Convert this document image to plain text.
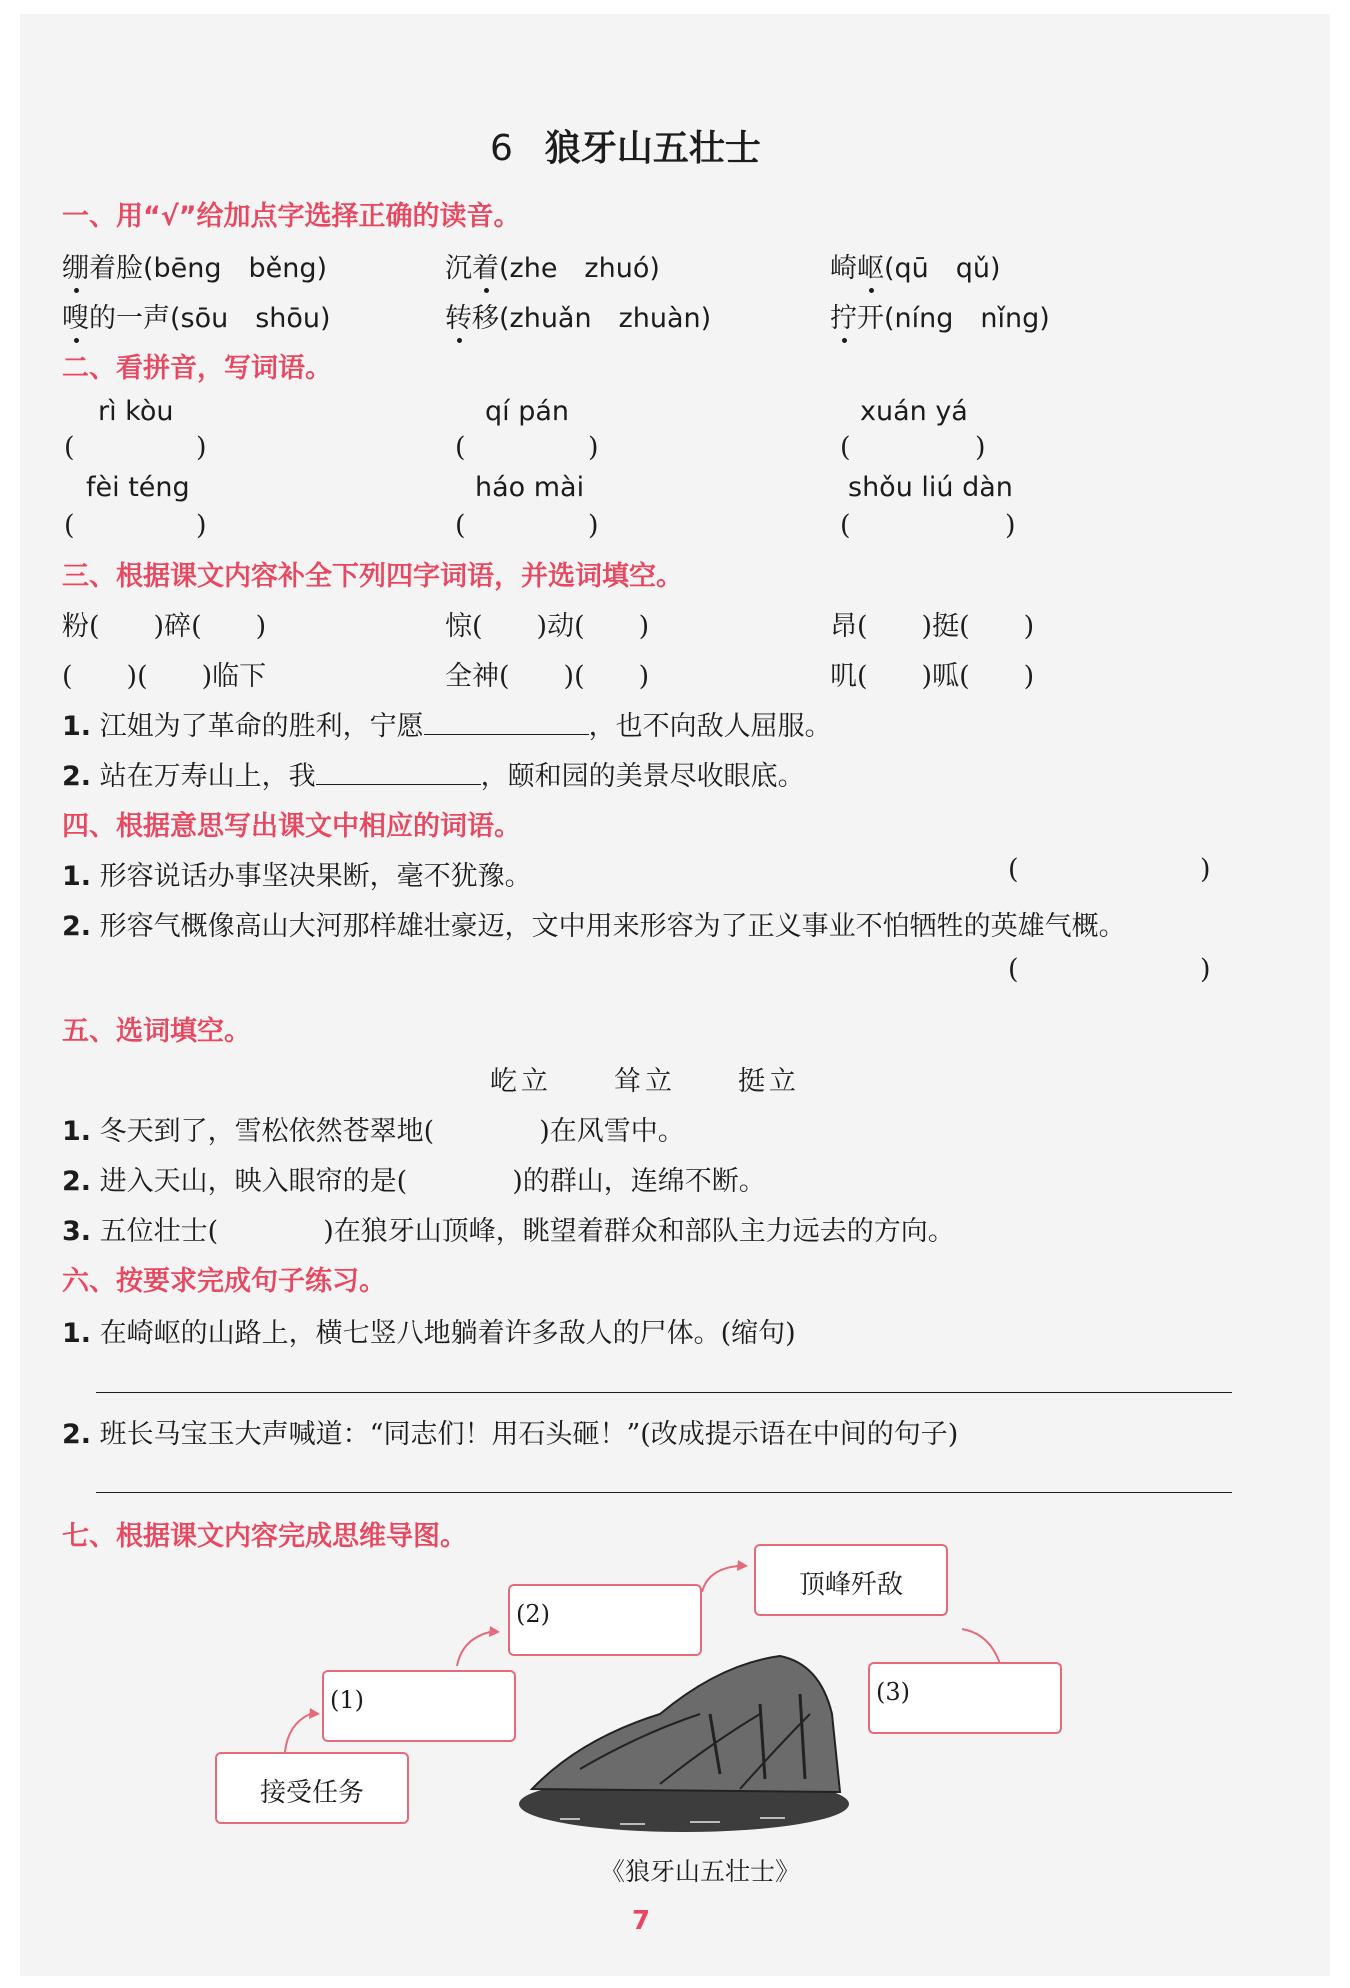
6 狼牙山五壮士
一、用“√”给加点字选择正确的读音。
绷着脸(bēng　běng)	沉着(zhe　zhuó)	崎岖(qū　qǔ)
嗖的一声(sōu　shōu)	转移(zhuǎn　zhuàn)	拧开(níng　nǐng)
二、看拼音，写词语。
rì kòu	qí pán	xuán yá
(	)	(	)	(	)
fèi téng	háo mài	shǒu liú dàn
(	)	(	)	(	)
三、根据课文内容补全下列四字词语，并选词填空。
粉(　　)碎(　　)	惊(　　)动(　　)	昂(　　)挺(　　)
(　　)(　　)临下	全神(　　)(　　)	叽(　　)呱(　　)
1. 江姐为了革命的胜利，宁愿	，也不向敌人屈服。
2. 站在万寿山上，我	，颐和园的美景尽收眼底。
四、根据意思写出课文中相应的词语。
1. 形容说话办事坚决果断，毫不犹豫。	(	)
2. 形容气概像高山大河那样雄壮豪迈，文中用来形容为了正义事业不怕牺牲的英雄气概。
(	)
五、选词填空。
屹立　　耸立　　挺立
1. 冬天到了，雪松依然苍翠地(	)在风雪中。
2. 进入天山，映入眼帘的是(	)的群山，连绵不断。
3. 五位壮士(	)在狼牙山顶峰，眺望着群众和部队主力远去的方向。
六、按要求完成句子练习。
1. 在崎岖的山路上，横七竖八地躺着许多敌人的尸体。(缩句)
2. 班长马宝玉大声喊道：“同志们！用石头砸！”(改成提示语在中间的句子)
七、根据课文内容完成思维导图。
接受任务
(1)
(2)
顶峰歼敌
(3)
《狼牙山五壮士》
7
